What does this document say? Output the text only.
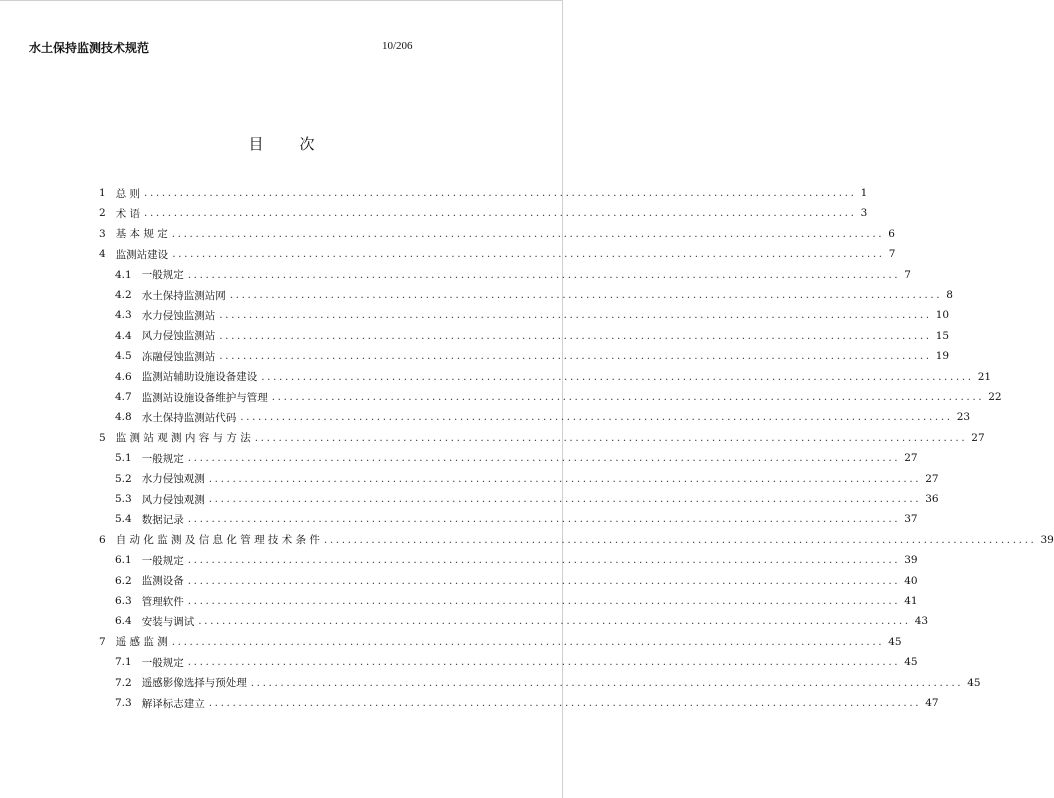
水土保持监测技术规范	10/206
目次
1 总 则 ........................................................................................................................ 1
2 术 语 ........................................................................................................................ 3
3 基 本 规 定 ........................................................................................................................ 6
4 监测站建设 ........................................................................................................................ 7
4.1 一般规定 ........................................................................................................................ 7
4.2 水土保持监测站网 ........................................................................................................................ 8
4.3 水力侵蚀监测站 ........................................................................................................................ 10
4.4 风力侵蚀监测站 ........................................................................................................................ 15
4.5 冻融侵蚀监测站 ........................................................................................................................ 19
4.6 监测站辅助设施设备建设 ........................................................................................................................ 21
4.7 监测站设施设备维护与管理 ........................................................................................................................ 22
4.8 水土保持监测站代码 ........................................................................................................................ 23
5 监 测 站 观 测 内 容 与 方 法 ........................................................................................................................ 27
5.1 一般规定 ........................................................................................................................ 27
5.2 水力侵蚀观测 ........................................................................................................................ 27
5.3 风力侵蚀观测 ........................................................................................................................ 36
5.4 数据记录 ........................................................................................................................ 37
6 自 动 化 监 测 及 信 息 化 管 理 技 术 条 件 ........................................................................................................................ 39
6.1 一般规定 ........................................................................................................................ 39
6.2 监测设备 ........................................................................................................................ 40
6.3 管理软件 ........................................................................................................................ 41
6.4 安装与调试 ........................................................................................................................ 43
7 遥 感 监 测 ........................................................................................................................ 45
7.1 一般规定 ........................................................................................................................ 45
7.2 遥感影像选择与预处理 ........................................................................................................................ 45
7.3 解译标志建立 ........................................................................................................................ 47
